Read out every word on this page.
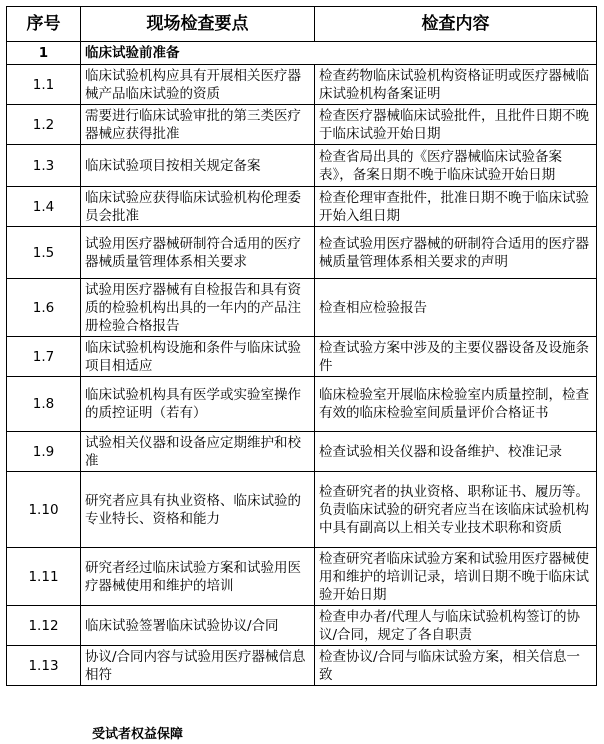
序号	现场检查要点	检查内容
1	临床试验前准备	
1.1	临床试验机构应具有开展相关医疗器械产品临床试验的资质	检查药物临床试验机构资格证明或医疗器械临床试验机构备案证明
1.2	需要进行临床试验审批的第三类医疗器械应获得批准	检查医疗器械临床试验批件，且批件日期不晚于临床试验开始日期
1.3	临床试验项目按相关规定备案	检查省局出具的《医疗器械临床试验备案表》，备案日期不晚于临床试验开始日期
1.4	临床试验应获得临床试验机构伦理委员会批准	检查伦理审查批件，批准日期不晚于临床试验开始入组日期
1.5	试验用医疗器械研制符合适用的医疗器械质量管理体系相关要求	检查试验用医疗器械的研制符合适用的医疗器械质量管理体系相关要求的声明
1.6	试验用医疗器械有自检报告和具有资质的检验机构出具的一年内的产品注册检验合格报告	检查相应检验报告
1.7	临床试验机构设施和条件与临床试验项目相适应	检查试验方案中涉及的主要仪器设备及设施条件
1.8	临床试验机构具有医学或实验室操作的质控证明（若有）	临床检验室开展临床检验室内质量控制，检查有效的临床检验室间质量评价合格证书
1.9	试验相关仪器和设备应定期维护和校准	检查试验相关仪器和设备维护、校准记录
1.10	研究者应具有执业资格、临床试验的专业特长、资格和能力	检查研究者的执业资格、职称证书、履历等。负责临床试验的研究者应当在该临床试验机构中具有副高以上相关专业技术职称和资质
1.11	研究者经过临床试验方案和试验用医疗器械使用和维护的培训	检查研究者临床试验方案和试验用医疗器械使用和维护的培训记录，培训日期不晚于临床试验开始日期
1.12	临床试验签署临床试验协议/合同	检查申办者/代理人与临床试验机构签订的协议/合同，规定了各自职责
1.13	协议/合同内容与试验用医疗器械信息相符	检查协议/合同与临床试验方案，相关信息一致
受试者权益保障
